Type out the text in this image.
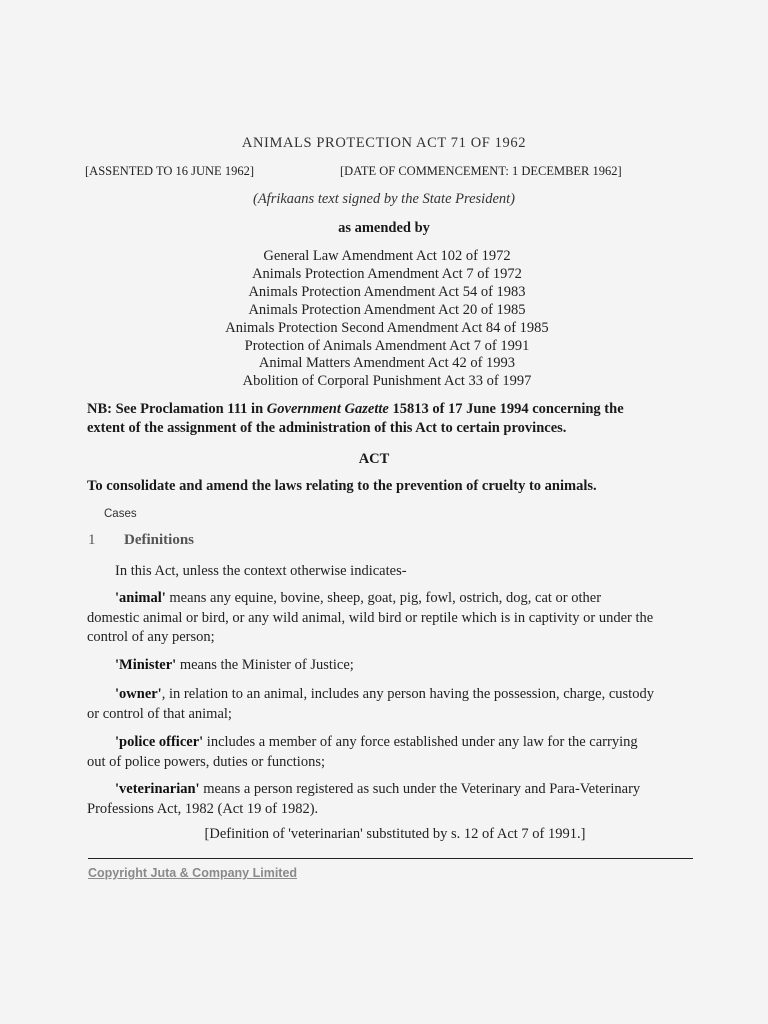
ANIMALS PROTECTION ACT 71 OF 1962
[ASSENTED TO 16 JUNE 1962]	[DATE OF COMMENCEMENT: 1 DECEMBER 1962]
(Afrikaans text signed by the State President)
as amended by
General Law Amendment Act 102 of 1972
Animals Protection Amendment Act 7 of 1972
Animals Protection Amendment Act 54 of 1983
Animals Protection Amendment Act 20 of 1985
Animals Protection Second Amendment Act 84 of 1985
Protection of Animals Amendment Act 7 of 1991
Animal Matters Amendment Act 42 of 1993
Abolition of Corporal Punishment Act 33 of 1997
NB: See Proclamation 111 in Government Gazette 15813 of 17 June 1994 concerning the
extent of the assignment of the administration of this Act to certain provinces.
ACT
To consolidate and amend the laws relating to the prevention of cruelty to animals.
Cases
1 Definitions
In this Act, unless the context otherwise indicates-
'animal' means any equine, bovine, sheep, goat, pig, fowl, ostrich, dog, cat or other
domestic animal or bird, or any wild animal, wild bird or reptile which is in captivity or under the
control of any person;
'Minister' means the Minister of Justice;
'owner', in relation to an animal, includes any person having the possession, charge, custody
or control of that animal;
'police officer' includes a member of any force established under any law for the carrying
out of police powers, duties or functions;
'veterinarian' means a person registered as such under the Veterinary and Para-Veterinary
Professions Act, 1982 (Act 19 of 1982).
[Definition of 'veterinarian' substituted by s. 12 of Act 7 of 1991.]
Copyright Juta & Company Limited
